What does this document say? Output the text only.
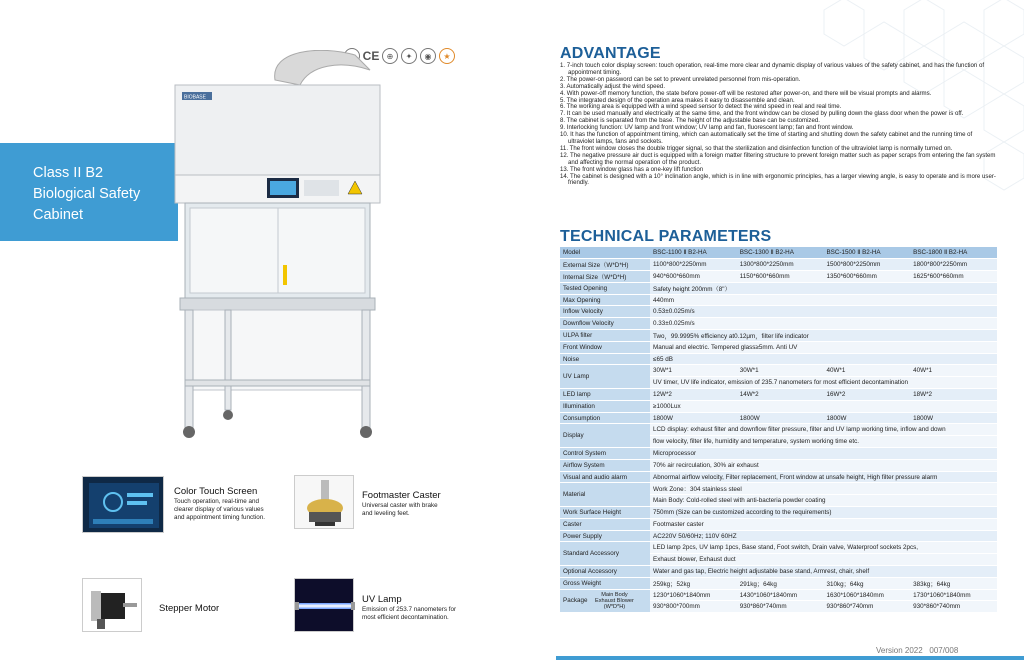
Class II B2
Biological Safety
Cabinet
CE ⊕	✦	◉	★
BIOBASE
Color Touch Screen
Touch operation, real-time and
clearer display of various values
and appointment timing function.
Footmaster Caster
Universal caster with brake
and leveling feet.
Stepper Motor
UV Lamp
Emission of 253.7 nanometers for
most efficient decontamination.
ADVANTAGE
1. 7-inch touch color display screen: touch operation, real-time more clear and dynamic display of various values of the safety cabinet, and has the function of appointment timing.
2. The power-on password can be set to prevent unrelated personnel from mis-operation.
3. Automatically adjust the wind speed.
4. With power-off memory function, the state before power-off will be restored after power-on, and there will be visual prompts and alarms.
5. The integrated design of the operation area makes it easy to disassemble and clean.
6. The working area is equipped with a wind speed sensor to detect the wind speed in real and real time.
7. It can be used manually and electrically at the same time, and the front window can be closed by pulling down the glass door when the power is off.
8. The cabinet is separated from the base. The height of the adjustable base can be customized.
9. Interlocking function: UV lamp and front window; UV lamp and fan, fluorescent lamp; fan and front window.
10. It has the function of appointment timing, which can automatically set the time of starting and shutting down the safety cabinet and the running time of ultraviolet lamps, fans and sockets.
11. The front window closes the double trigger signal, so that the sterilization and disinfection function of the ultraviolet lamp is normally turned on.
12. The negative pressure air duct is equipped with a foreign matter filtering structure to prevent foreign matter such as paper scraps from entering the fan system and affecting the normal operation of the product.
13. The front window glass has a one-key lift function
14. The cabinet is designed with a 10° inclination angle, which is in line with ergonomic principles, has a larger viewing angle, is easy to operate and is more user-friendly.
TECHNICAL PARAMETERS
Model	BSC-1100 Ⅱ B2-HA	BSC-1300 Ⅱ B2-HA	BSC-1500 Ⅱ B2-HA	BSC-1800 Ⅱ B2-HA
External Size（W*D*H)	1100*800*2250mm	1300*800*2250mm	1500*800*2250mm	1800*800*2250mm
Internal Size（W*D*H)	940*600*660mm	1150*600*660mm	1350*600*660mm	1625*600*660mm
Tested Opening	Safety height 200mm（8"）			
Max Opening	440mm			
Inflow Velocity	0.53±0.025m/s			
Downflow Velocity	0.33±0.025m/s			
ULPA filter	Two，99.9995% efficiency at0.12μm，filter life indicator			
Front Window	Manual and electric. Tempered glass≥5mm. Anti UV			
Noise	≤65 dB			
UV Lamp	30W*1	30W*1	40W*1	40W*1
	UV timer, UV life indicator, emission of 235.7 nanometers for most efficient decontamination			
LED lamp	12W*2	14W*2	16W*2	18W*2
Illumination	≥1000Lux			
Consumption	1800W	1800W	1800W	1800W
Display	LCD display: exhaust filter and downflow filter pressure, filter and UV lamp working time, inflow and down			
	flow velocity, filter life, humidity and temperature, system working time etc.			
Control System	Microprocessor			
Airflow System	70% air recirculation, 30% air exhaust			
Visual and audio alarm	Abnormal airflow velocity, Filter replacement, Front window at unsafe height, High filter pressure alarm			
Material	Work Zone：304 stainless steel			
	Main Body: Cold-rolled steel with anti-bacteria powder coating			
Work Surface Height	750mm (Size can be customized according to the requirements)			
Caster	Footmaster caster			
Power Supply	AC220V 50/60Hz; 110V 60HZ			
Standard Accessory	LED lamp 2pcs, UV lamp 1pcs, Base stand, Foot switch, Drain valve, Waterproof sockets 2pcs,			
	Exhaust blower, Exhaust duct			
Optional Accessory	Water and gas tap, Electric height adjustable base stand, Armrest, chair, shelf			
Gross Weight	259kg；52kg	291kg；64kg	310kg；64kg	383kg；64kg

Package
Main Body
Exhaust Blower
(W*D*H)	1230*1060*1840mm	1430*1060*1840mm	1630*1060*1840mm	1730*1060*1840mm
	930*800*700mm	930*860*740mm	930*860*740mm	930*860*740mm
Version 2022 007/008
